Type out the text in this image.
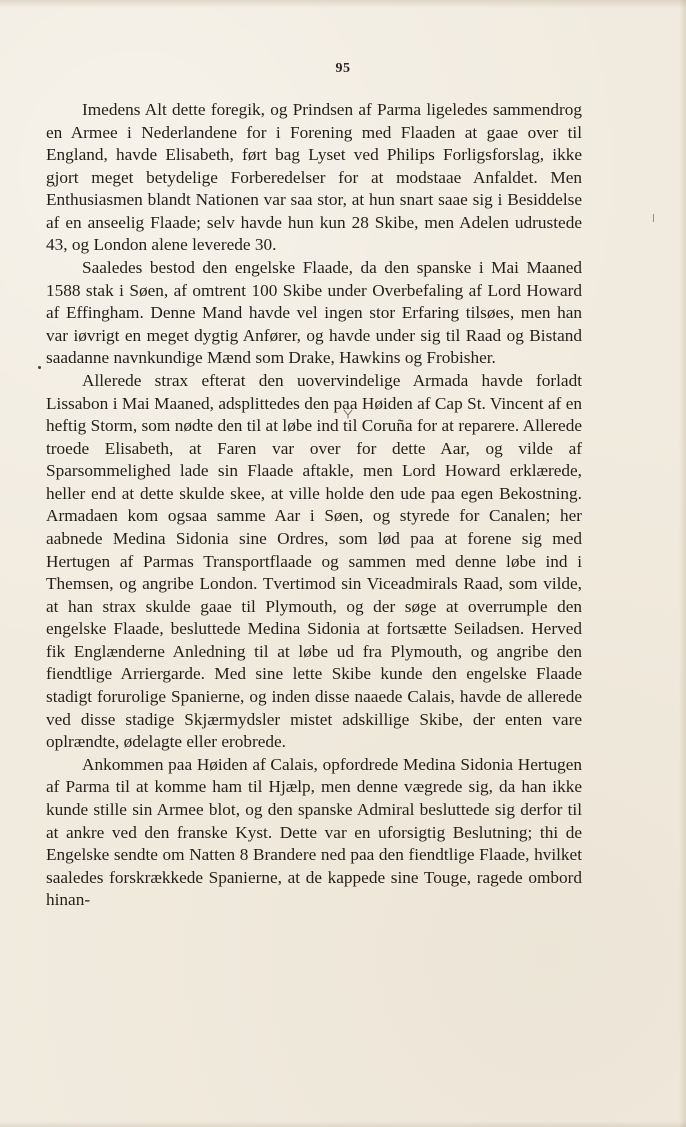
95

Imedens Alt dette foregik, og Prindsen af Parma ligeledes sammendrog en Armee i Nederlandene for i Forening med Flaaden at gaae over til England, havde Elisabeth, ført bag Lyset ved Philips Forligsforslag, ikke gjort meget betydelige Forberedelser for at modstaae Anfaldet. Men Enthusiasmen blandt Nationen var saa stor, at hun snart saae sig i Besiddelse af en anseelig Flaade; selv havde hun kun 28 Skibe, men Adelen udrustede 43, og London alene leverede 30.

Saaledes bestod den engelske Flaade, da den spanske i Mai Maaned 1588 stak i Søen, af omtrent 100 Skibe under Overbefaling af Lord Howard af Effingham. Denne Mand havde vel ingen stor Erfaring tilsøes, men han var iøvrigt en meget dygtig Anfører, og havde under sig til Raad og Bistand saadanne navnkundige Mænd som Drake, Hawkins og Frobisher.

Allerede strax efterat den uovervindelige Armada havde forladt Lissabon i Mai Maaned, adsplittedes den paa Høiden af Cap St. Vincent af en heftig Storm, som nødte den til at løbe ind til Coruña for at reparere. Allerede troede Elisabeth, at Faren var over for dette Aar, og vilde af Sparsommelighed lade sin Flaade aftakle, men Lord Howard erklærede, heller end at dette skulde skee, at ville holde den ude paa egen Bekostning. Armadaen kom ogsaa samme Aar i Søen, og styrede for Canalen; her aabnede Medina Sidonia sine Ordres, som lød paa at forene sig med Hertugen af Parmas Transportflaade og sammen med denne løbe ind i Themsen, og angribe London. Tvertimod sin Viceadmirals Raad, som vilde, at han strax skulde gaae til Plymouth, og der søge at overrumple den engelske Flaade, besluttede Medina Sidonia at fortsætte Seiladsen. Herved fik Englænderne Anledning til at løbe ud fra Plymouth, og angribe den fiendtlige Arriergarde. Med sine lette Skibe kunde den engelske Flaade stadigt forurolige Spanierne, og inden disse naaede Calais, havde de allerede ved disse stadige Skjærmydsler mistet adskillige Skibe, der enten vare oplrændte, ødelagte eller erobrede.

Ankommen paa Høiden af Calais, opfordrede Medina Sidonia Hertugen af Parma til at komme ham til Hjælp, men denne vægrede sig, da han ikke kunde stille sin Armee blot, og den spanske Admiral besluttede sig derfor til at ankre ved den franske Kyst. Dette var en uforsigtig Beslutning; thi de Engelske sendte om Natten 8 Brandere ned paa den fiendtlige Flaade, hvilket saaledes forskrækkede Spanierne, at de kappede sine Touge, ragede ombord hinan-
